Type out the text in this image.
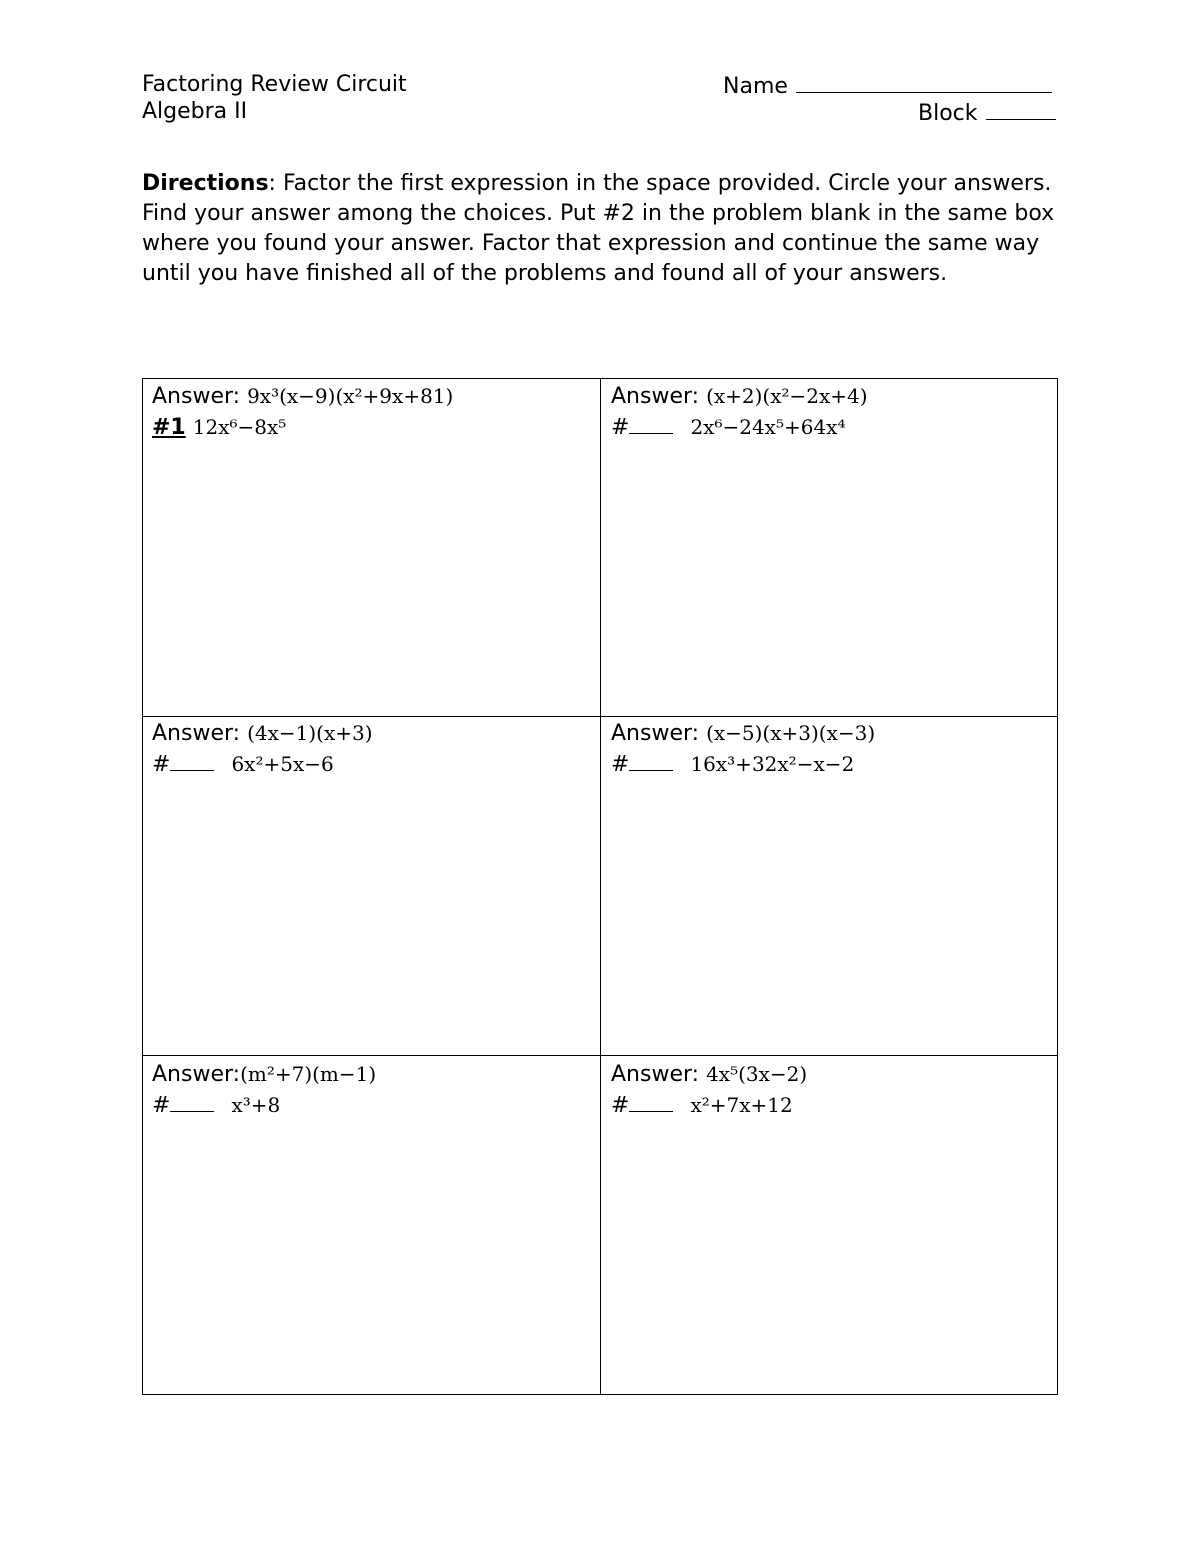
Factoring Review Circuit
Algebra II
Name
Block
Directions: Factor the first expression in the space provided. Circle your answers. Find your answer among the choices. Put #2 in the problem blank in the same box where you found your answer. Factor that expression and continue the same way until you have finished all of the problems and found all of your answers.
Answer: 9x³(x−9)(x²+9x+81)
#1 12x⁶−8x⁵
Answer: (x+2)(x²−2x+4)
#	2x⁶−24x⁵+64x⁴
Answer: (4x−1)(x+3)
#	6x²+5x−6
Answer: (x−5)(x+3)(x−3)
#	16x³+32x²−x−2
Answer:(m²+7)(m−1)
#	x³+8
Answer: 4x⁵(3x−2)
#	x²+7x+12
